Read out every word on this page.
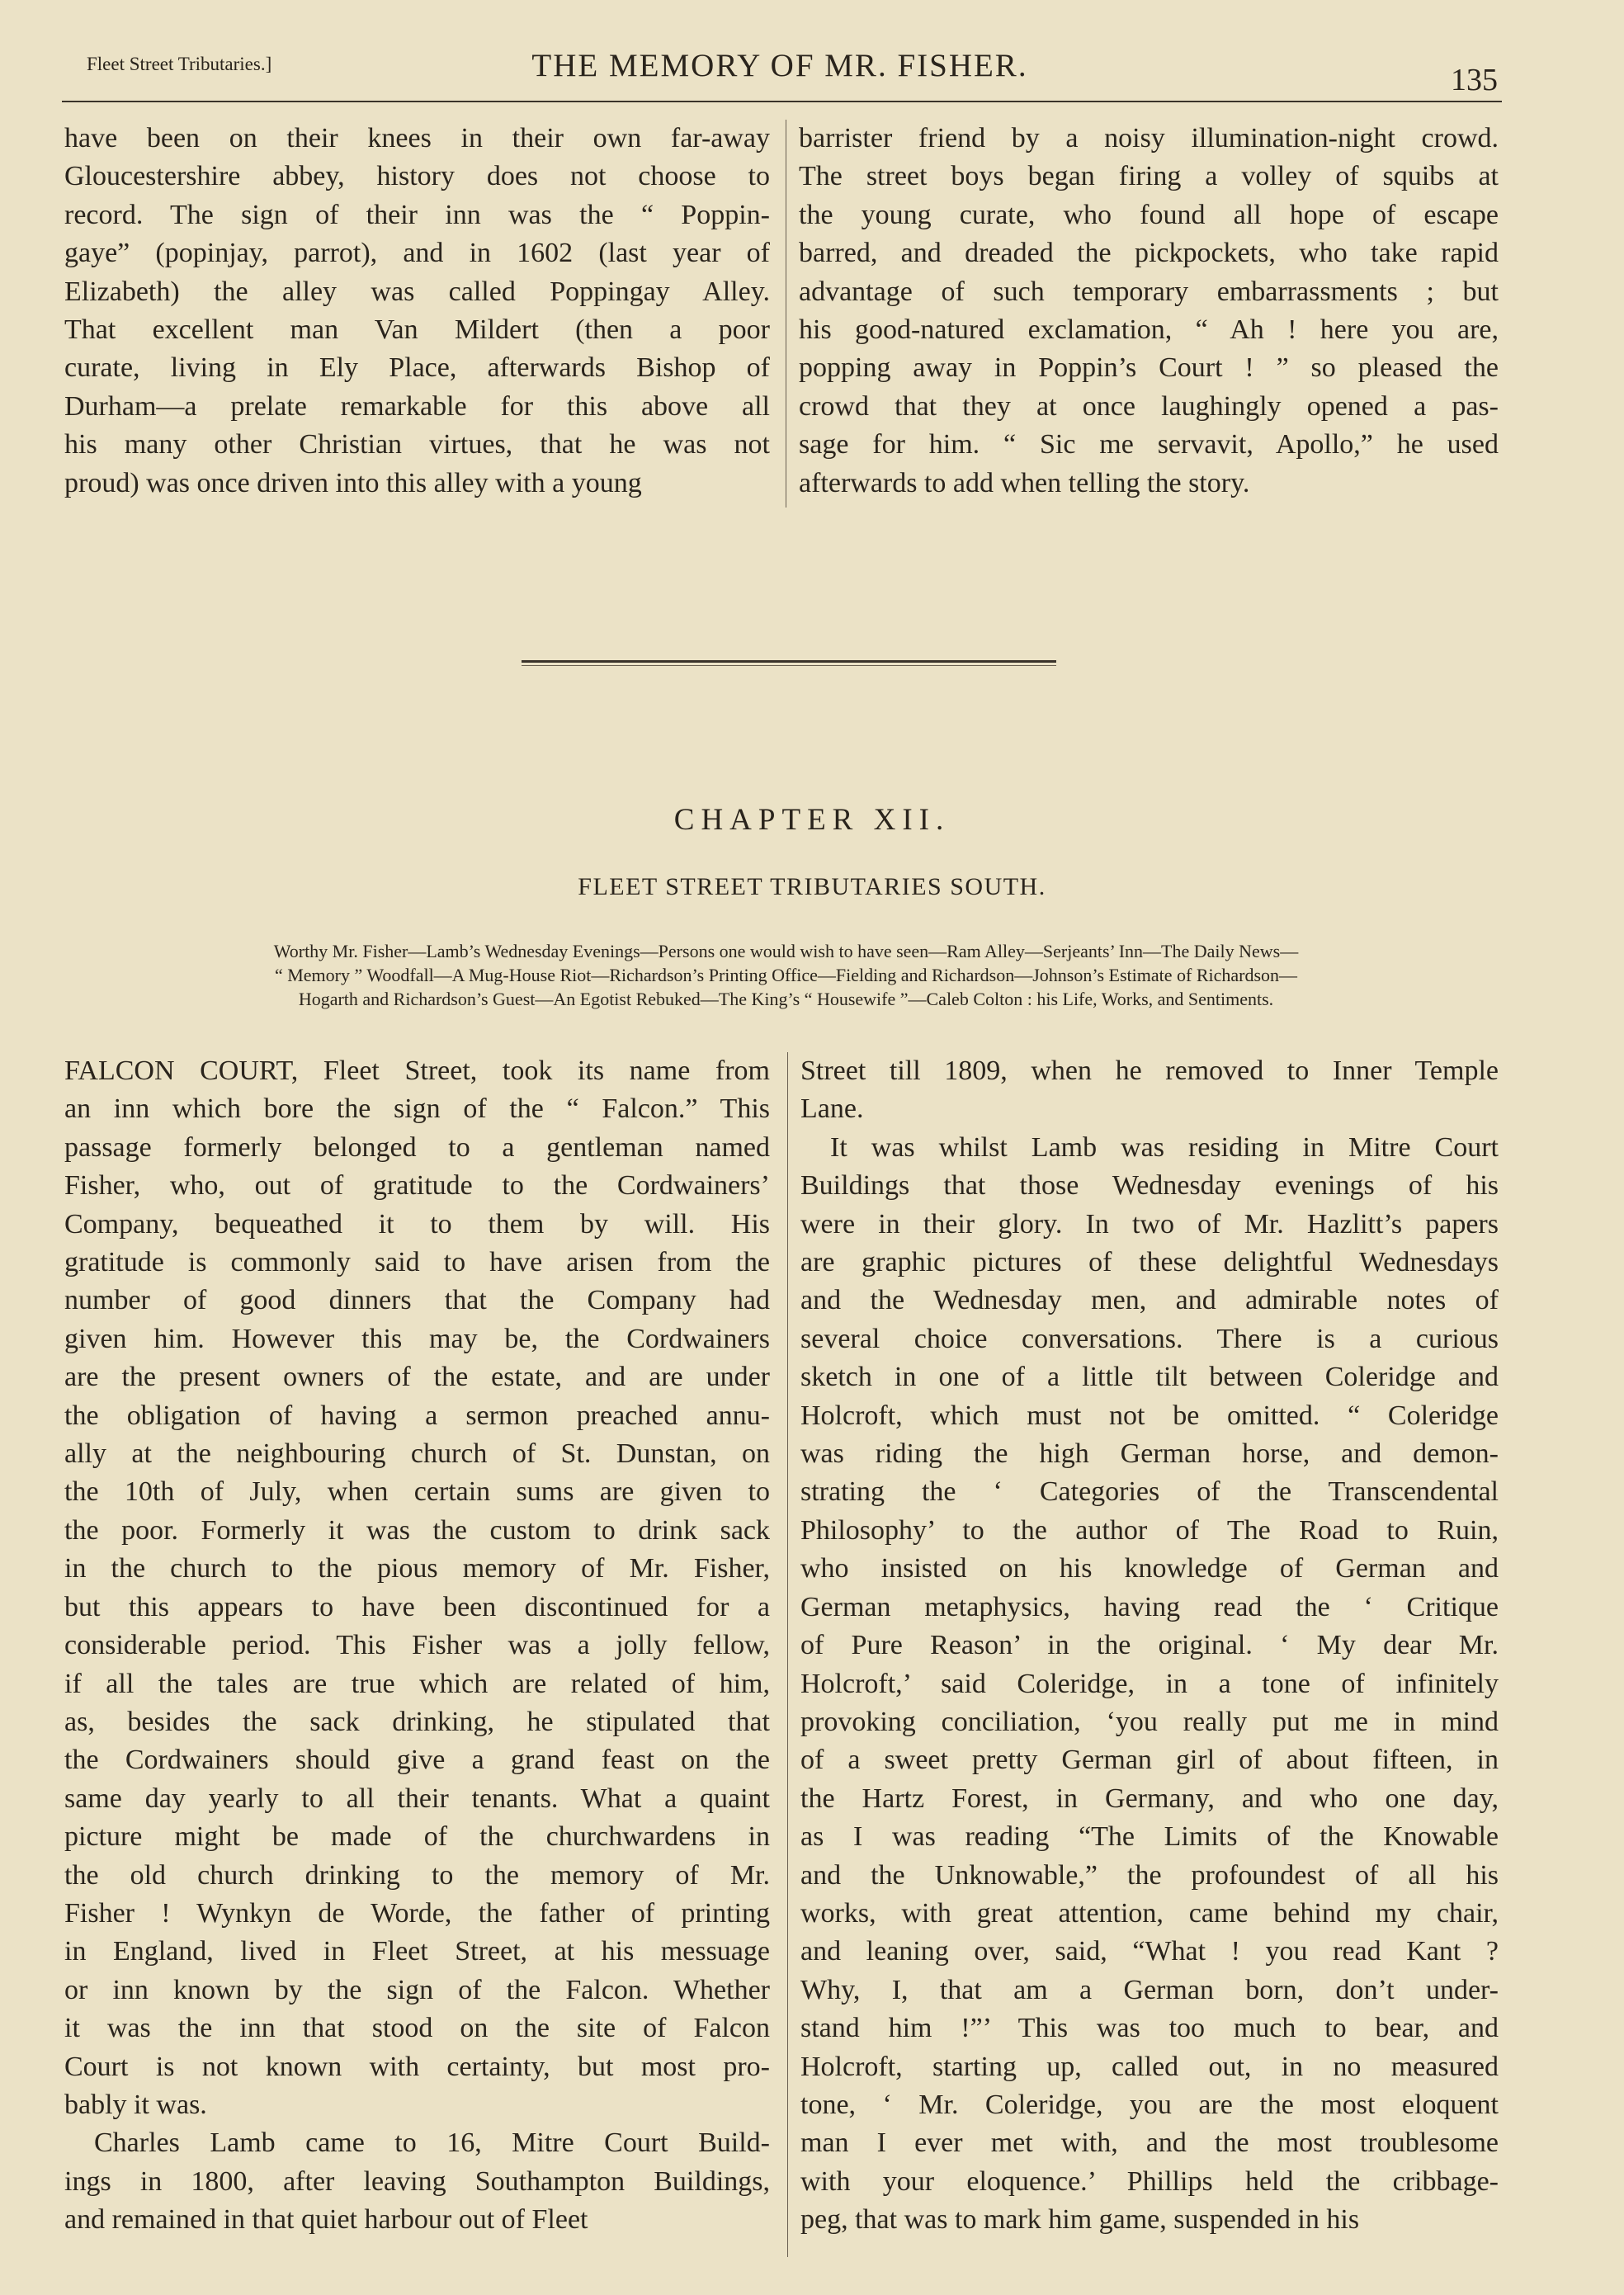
Fleet Street Tributaries.]	THE MEMORY OF MR. FISHER.	135
have been on their knees in their own far-away
Gloucestershire abbey, history does not choose to
record. The sign of their inn was the “ Poppin-
gaye” (popinjay, parrot), and in 1602 (last year of
Elizabeth) the alley was called Poppingay Alley.
That excellent man Van Mildert (then a poor
curate, living in Ely Place, afterwards Bishop of
Durham—a prelate remarkable for this above all
his many other Christian virtues, that he was not
proud) was once driven into this alley with a young
barrister friend by a noisy illumination-night crowd.
The street boys began firing a volley of squibs at
the young curate, who found all hope of escape
barred, and dreaded the pickpockets, who take rapid
advantage of such temporary embarrassments ; but
his good-natured exclamation, “ Ah ! here you are,
popping away in Poppin’s Court ! ” so pleased the
crowd that they at once laughingly opened a pas-
sage for him. “ Sic me servavit, Apollo,” he used
afterwards to add when telling the story.
CHAPTER XII.
FLEET STREET TRIBUTARIES SOUTH.
Worthy Mr. Fisher—Lamb’s Wednesday Evenings—Persons one would wish to have seen—Ram Alley—Serjeants’ Inn—The Daily News—
“ Memory ” Woodfall—A Mug-House Riot—Richardson’s Printing Office—Fielding and Richardson—Johnson’s Estimate of Richardson—
Hogarth and Richardson’s Guest—An Egotist Rebuked—The King’s “ Housewife ”—Caleb Colton : his Life, Works, and Sentiments.
FALCON COURT, Fleet Street, took its name from
an inn which bore the sign of the “ Falcon.” This
passage formerly belonged to a gentleman named
Fisher, who, out of gratitude to the Cordwainers’
Company, bequeathed it to them by will. His
gratitude is commonly said to have arisen from the
number of good dinners that the Company had
given him. However this may be, the Cordwainers
are the present owners of the estate, and are under
the obligation of having a sermon preached annu-
ally at the neighbouring church of St. Dunstan, on
the 10th of July, when certain sums are given to
the poor. Formerly it was the custom to drink sack
in the church to the pious memory of Mr. Fisher,
but this appears to have been discontinued for a
considerable period. This Fisher was a jolly fellow,
if all the tales are true which are related of him,
as, besides the sack drinking, he stipulated that
the Cordwainers should give a grand feast on the
same day yearly to all their tenants. What a quaint
picture might be made of the churchwardens in
the old church drinking to the memory of Mr.
Fisher ! Wynkyn de Worde, the father of printing
in England, lived in Fleet Street, at his messuage
or inn known by the sign of the Falcon. Whether
it was the inn that stood on the site of Falcon
Court is not known with certainty, but most pro-
bably it was.
Charles Lamb came to 16, Mitre Court Build-
ings in 1800, after leaving Southampton Buildings,
and remained in that quiet harbour out of Fleet
Street till 1809, when he removed to Inner Temple
Lane.
It was whilst Lamb was residing in Mitre Court
Buildings that those Wednesday evenings of his
were in their glory. In two of Mr. Hazlitt’s papers
are graphic pictures of these delightful Wednesdays
and the Wednesday men, and admirable notes of
several choice conversations. There is a curious
sketch in one of a little tilt between Coleridge and
Holcroft, which must not be omitted. “ Coleridge
was riding the high German horse, and demon-
strating the ‘ Categories of the Transcendental
Philosophy’ to the author of The Road to Ruin,
who insisted on his knowledge of German and
German metaphysics, having read the ‘ Critique
of Pure Reason’ in the original. ‘ My dear Mr.
Holcroft,’ said Coleridge, in a tone of infinitely
provoking conciliation, ‘you really put me in mind
of a sweet pretty German girl of about fifteen, in
the Hartz Forest, in Germany, and who one day,
as I was reading “The Limits of the Knowable
and the Unknowable,” the profoundest of all his
works, with great attention, came behind my chair,
and leaning over, said, “What ! you read Kant ?
Why, I, that am a German born, don’t under-
stand him !”’ This was too much to bear, and
Holcroft, starting up, called out, in no measured
tone, ‘ Mr. Coleridge, you are the most eloquent
man I ever met with, and the most troublesome
with your eloquence.’ Phillips held the cribbage-
peg, that was to mark him game, suspended in his
